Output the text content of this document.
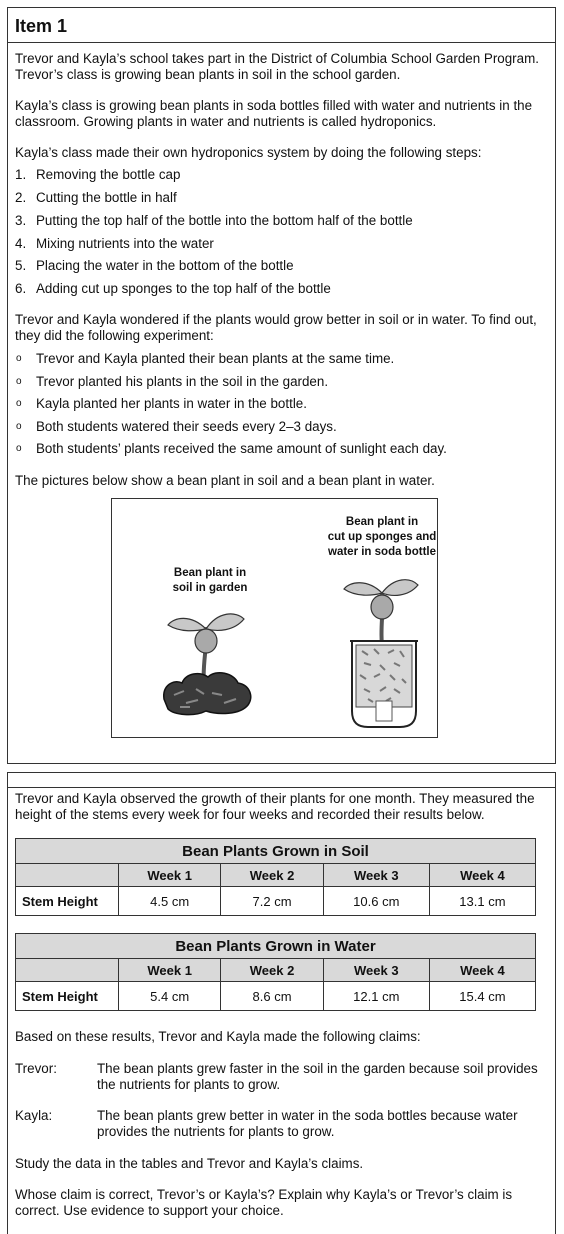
Item 1

Trevor and Kayla’s school takes part in the District of Columbia School Garden Program. Trevor’s class is growing bean plants in soil in the school garden.

Kayla’s class is growing bean plants in soda bottles filled with water and nutrients in the classroom. Growing plants in water and nutrients is called hydroponics.

Kayla’s class made their own hydroponics system by doing the following steps:

1. Removing the bottle cap
2. Cutting the bottle in half
3. Putting the top half of the bottle into the bottom half of the bottle
4. Mixing nutrients into the water
5. Placing the water in the bottom of the bottle
6. Adding cut up sponges to the top half of the bottle

Trevor and Kayla wondered if the plants would grow better in soil or in water. To find out, they did the following experiment:

o Trevor and Kayla planted their bean plants at the same time.
o Trevor planted his plants in the soil in the garden.
o Kayla planted her plants in water in the bottle.
o Both students watered their seeds every 2–3 days.
o Both students’ plants received the same amount of sunlight each day.

The pictures below show a bean plant in soil and a bean plant in water.

Bean plant in
soil in garden
Bean plant in
cut up sponges and
water in soda bottle

Trevor and Kayla observed the growth of their plants for one month. They measured the height of the stems every week for four weeks and recorded their results below.

Bean Plants Grown in Soil				
	Week 1	Week 2	Week 3	Week 4
Stem Height	4.5 cm	7.2 cm	10.6 cm	13.1 cm
Bean Plants Grown in Water				
	Week 1	Week 2	Week 3	Week 4
Stem Height	5.4 cm	8.6 cm	12.1 cm	15.4 cm

Based on these results, Trevor and Kayla made the following claims:

Trevor:	The bean plants grew faster in the soil in the garden because soil provides the nutrients for plants to grow.
Kayla:	The bean plants grew better in water in the soda bottles because water provides the nutrients for plants to grow.

Study the data in the tables and Trevor and Kayla’s claims.

Whose claim is correct, Trevor’s or Kayla’s? Explain why Kayla’s or Trevor’s claim is correct. Use evidence to support your choice.
